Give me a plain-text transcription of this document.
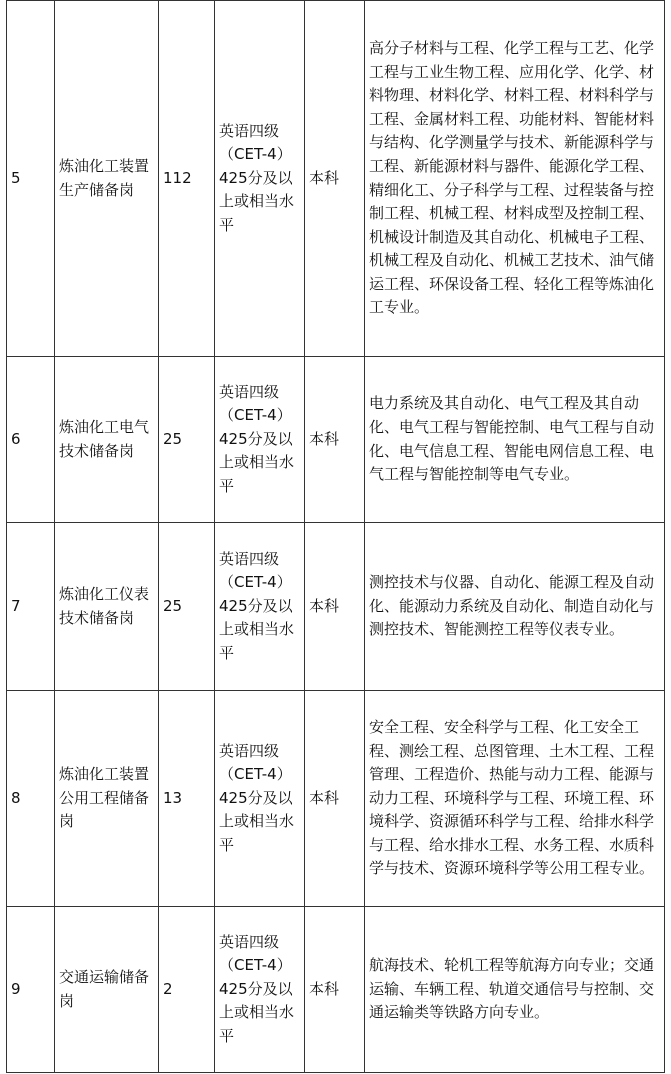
5	炼油化工装置生产储备岗	112	英语四级（CET-4）425分及以上或相当水平	本科	高分子材料与工程、化学工程与工艺、化学工程与工业生物工程、应用化学、化学、材料物理、材料化学、材料工程、材料科学与工程、金属材料工程、功能材料、智能材料与结构、化学测量学与技术、新能源科学与工程、新能源材料与器件、能源化学工程、精细化工、分子科学与工程、过程装备与控制工程、机械工程、材料成型及控制工程、机械设计制造及其自动化、机械电子工程、机械工程及自动化、机械工艺技术、油气储运工程、环保设备工程、轻化工程等炼油化工专业。

6	炼油化工电气技术储备岗	25	英语四级（CET-4）425分及以上或相当水平	本科	电力系统及其自动化、电气工程及其自动化、电气工程与智能控制、电气工程与自动化、电气信息工程、智能电网信息工程、电气工程与智能控制等电气专业。

7	炼油化工仪表技术储备岗	25	英语四级（CET-4）425分及以上或相当水平	本科	测控技术与仪器、自动化、能源工程及自动化、能源动力系统及自动化、制造自动化与测控技术、智能测控工程等仪表专业。

8	炼油化工装置公用工程储备岗	13	英语四级（CET-4）425分及以上或相当水平	本科	安全工程、安全科学与工程、化工安全工程、测绘工程、总图管理、土木工程、工程管理、工程造价、热能与动力工程、能源与动力工程、环境科学与工程、环境工程、环境科学、资源循环科学与工程、给排水科学与工程、给水排水工程、水务工程、水质科学与技术、资源环境科学等公用工程专业。

9	交通运输储备岗	2	英语四级（CET-4）425分及以上或相当水平	本科	航海技术、轮机工程等航海方向专业；交通运输、车辆工程、轨道交通信号与控制、交通运输类等铁路方向专业。
